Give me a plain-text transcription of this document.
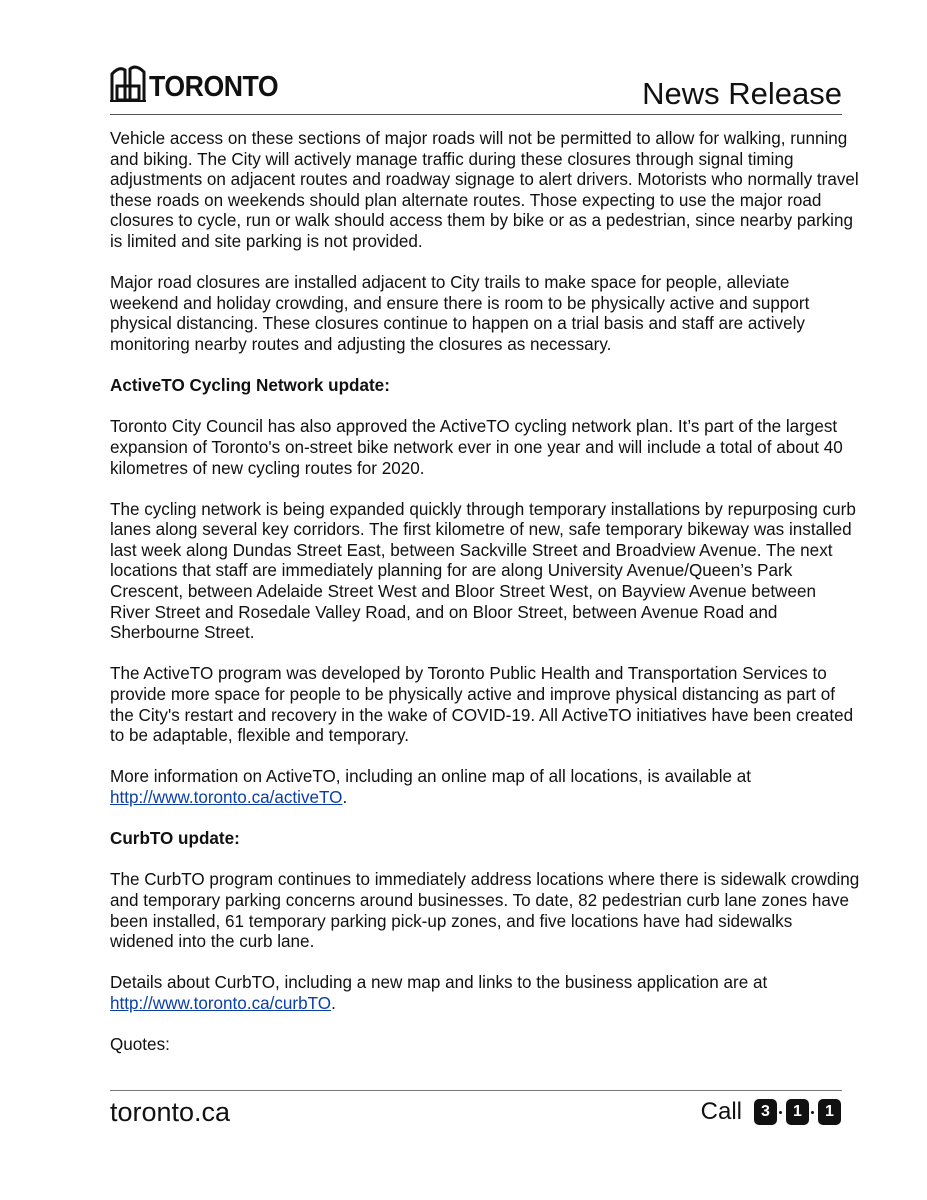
TORONTO	News Release

Vehicle access on these sections of major roads will not be permitted to allow for walking, running and biking. The City will actively manage traffic during these closures through signal timing adjustments on adjacent routes and roadway signage to alert drivers. Motorists who normally travel these roads on weekends should plan alternate routes. Those expecting to use the major road closures to cycle, run or walk should access them by bike or as a pedestrian, since nearby parking is limited and site parking is not provided.

Major road closures are installed adjacent to City trails to make space for people, alleviate weekend and holiday crowding, and ensure there is room to be physically active and support physical distancing. These closures continue to happen on a trial basis and staff are actively monitoring nearby routes and adjusting the closures as necessary.

ActiveTO Cycling Network update:

Toronto City Council has also approved the ActiveTO cycling network plan. It’s part of the largest expansion of Toronto's on-street bike network ever in one year and will include a total of about 40 kilometres of new cycling routes for 2020.

The cycling network is being expanded quickly through temporary installations by repurposing curb lanes along several key corridors. The first kilometre of new, safe temporary bikeway was installed last week along Dundas Street East, between Sackville Street and Broadview Avenue. The next locations that staff are immediately planning for are along University Avenue/Queen’s Park Crescent, between Adelaide Street West and Bloor Street West, on Bayview Avenue between River Street and Rosedale Valley Road, and on Bloor Street, between Avenue Road and Sherbourne Street.

The ActiveTO program was developed by Toronto Public Health and Transportation Services to provide more space for people to be physically active and improve physical distancing as part of the City's restart and recovery in the wake of COVID-19. All ActiveTO initiatives have been created to be adaptable, flexible and temporary.

More information on ActiveTO, including an online map of all locations, is available at http://www.toronto.ca/activeTO.

CurbTO update:

The CurbTO program continues to immediately address locations where there is sidewalk crowding and temporary parking concerns around businesses. To date, 82 pedestrian curb lane zones have been installed, 61 temporary parking pick-up zones, and five locations have had sidewalks widened into the curb lane.

Details about CurbTO, including a new map and links to the business application are at http://www.toronto.ca/curbTO.

Quotes:

toronto.ca	Call	3	1	1
